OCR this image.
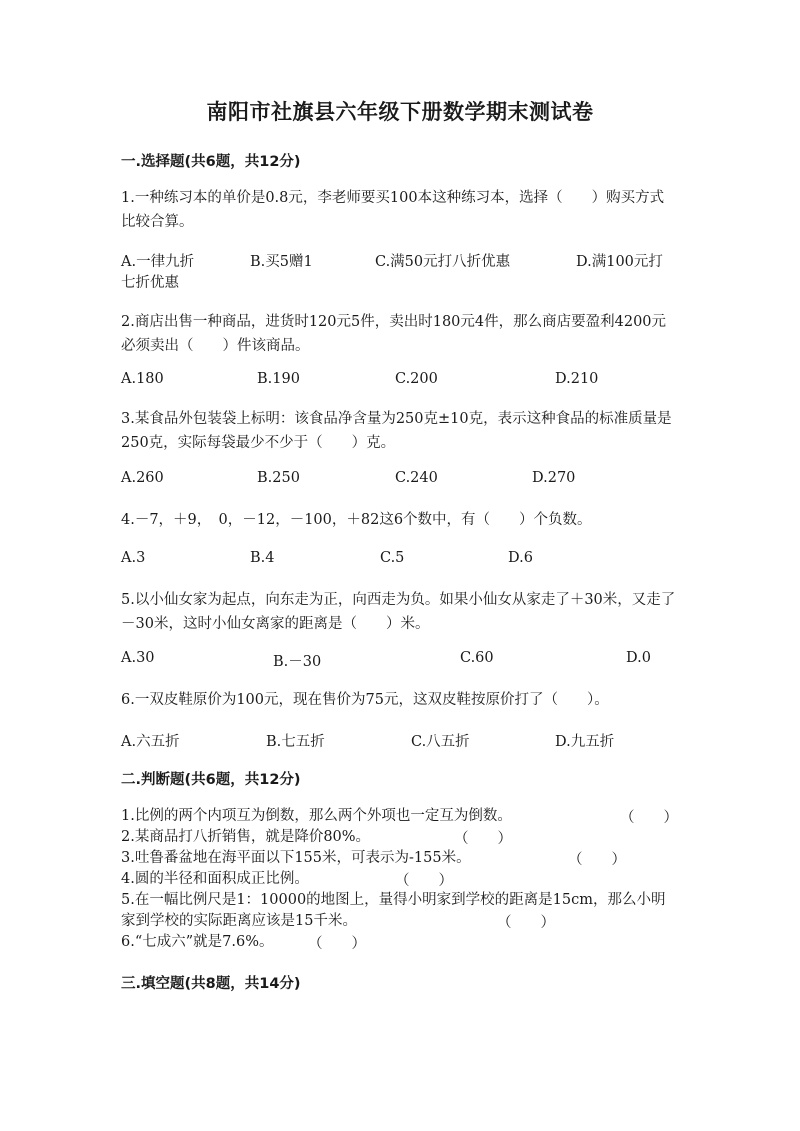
南阳市社旗县六年级下册数学期末测试卷
一.选择题(共6题，共12分)
1.一种练习本的单价是0.8元，李老师要买100本这种练习本，选择（　　）购买方式比较合算。
A.一律九折	B.买5赠1	C.满50元打八折优惠	D.满100元打
七折优惠
2.商店出售一种商品，进货时120元5件，卖出时180元4件，那么商店要盈利4200元必须卖出（　　）件该商品。
A.180	B.190	C.200	D.210
3.某食品外包装袋上标明：该食品净含量为250克±10克，表示这种食品的标准质量是250克，实际每袋最少不少于（　　）克。
A.260	B.250	C.240	D.270
4.－7，＋9，　0，－12，－100，＋82这6个数中，有（　　）个负数。
A.3	B.4	C.5	D.6
5.以小仙女家为起点，向东走为正，向西走为负。如果小仙女从家走了＋30米，又走了－30米，这时小仙女离家的距离是（　　）米。
A.30	B.－30	C.60	D.0
6.一双皮鞋原价为100元，现在售价为75元，这双皮鞋按原价打了（　　）。
A.六五折	B.七五折	C.八五折	D.九五折
二.判断题(共6题，共12分)
1.比例的两个内项互为倒数，那么两个外项也一定互为倒数。	（　　）
2.某商品打八折销售，就是降价80%。	（　　）
3.吐鲁番盆地在海平面以下155米，可表示为-155米。	（　　）
4.圆的半径和面积成正比例。	（　　）
5.在一幅比例尺是1：10000的地图上，量得小明家到学校的距离是15cm，那么小明家到学校的实际距离应该是15千米。	（　　）
6.“七成六”就是7.6%。 （　　）
三.填空题(共8题，共14分)
